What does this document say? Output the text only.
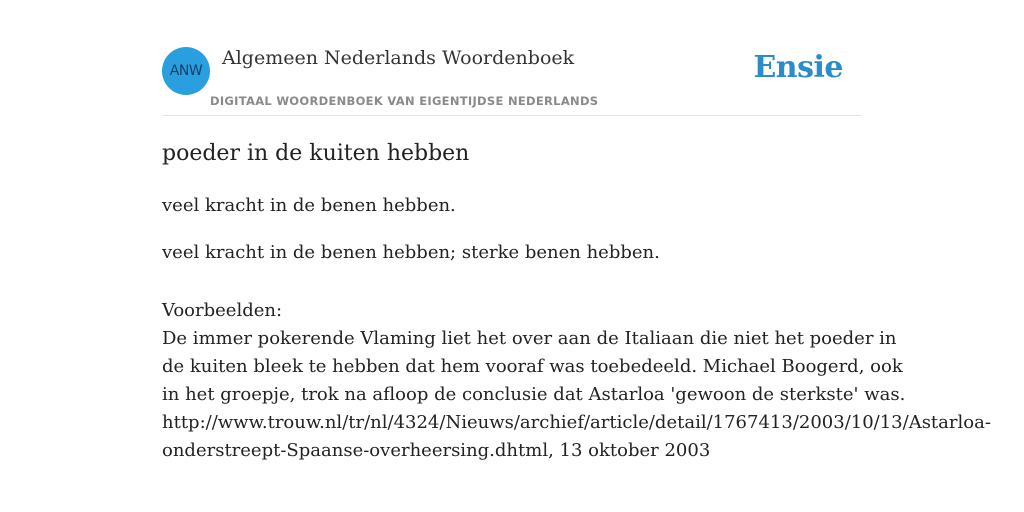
ANW
Algemeen Nederlands Woordenboek
DIGITAAL WOORDENBOEK VAN EIGENTIJDSE NEDERLANDS
Ensie
poeder in de kuiten hebben

veel kracht in de benen hebben.

veel kracht in de benen hebben; sterke benen hebben.

Voorbeelden:
De immer pokerende Vlaming liet het over aan de Italiaan die niet het poeder in
de kuiten bleek te hebben dat hem vooraf was toebedeeld. Michael Boogerd, ook
in het groepje, trok na afloop de conclusie dat Astarloa 'gewoon de sterkste' was.
http://www.trouw.nl/tr/nl/4324/Nieuws/archief/article/detail/1767413/2003/10/13/Astarloa-
onderstreept-Spaanse-overheersing.dhtml, 13 oktober 2003
